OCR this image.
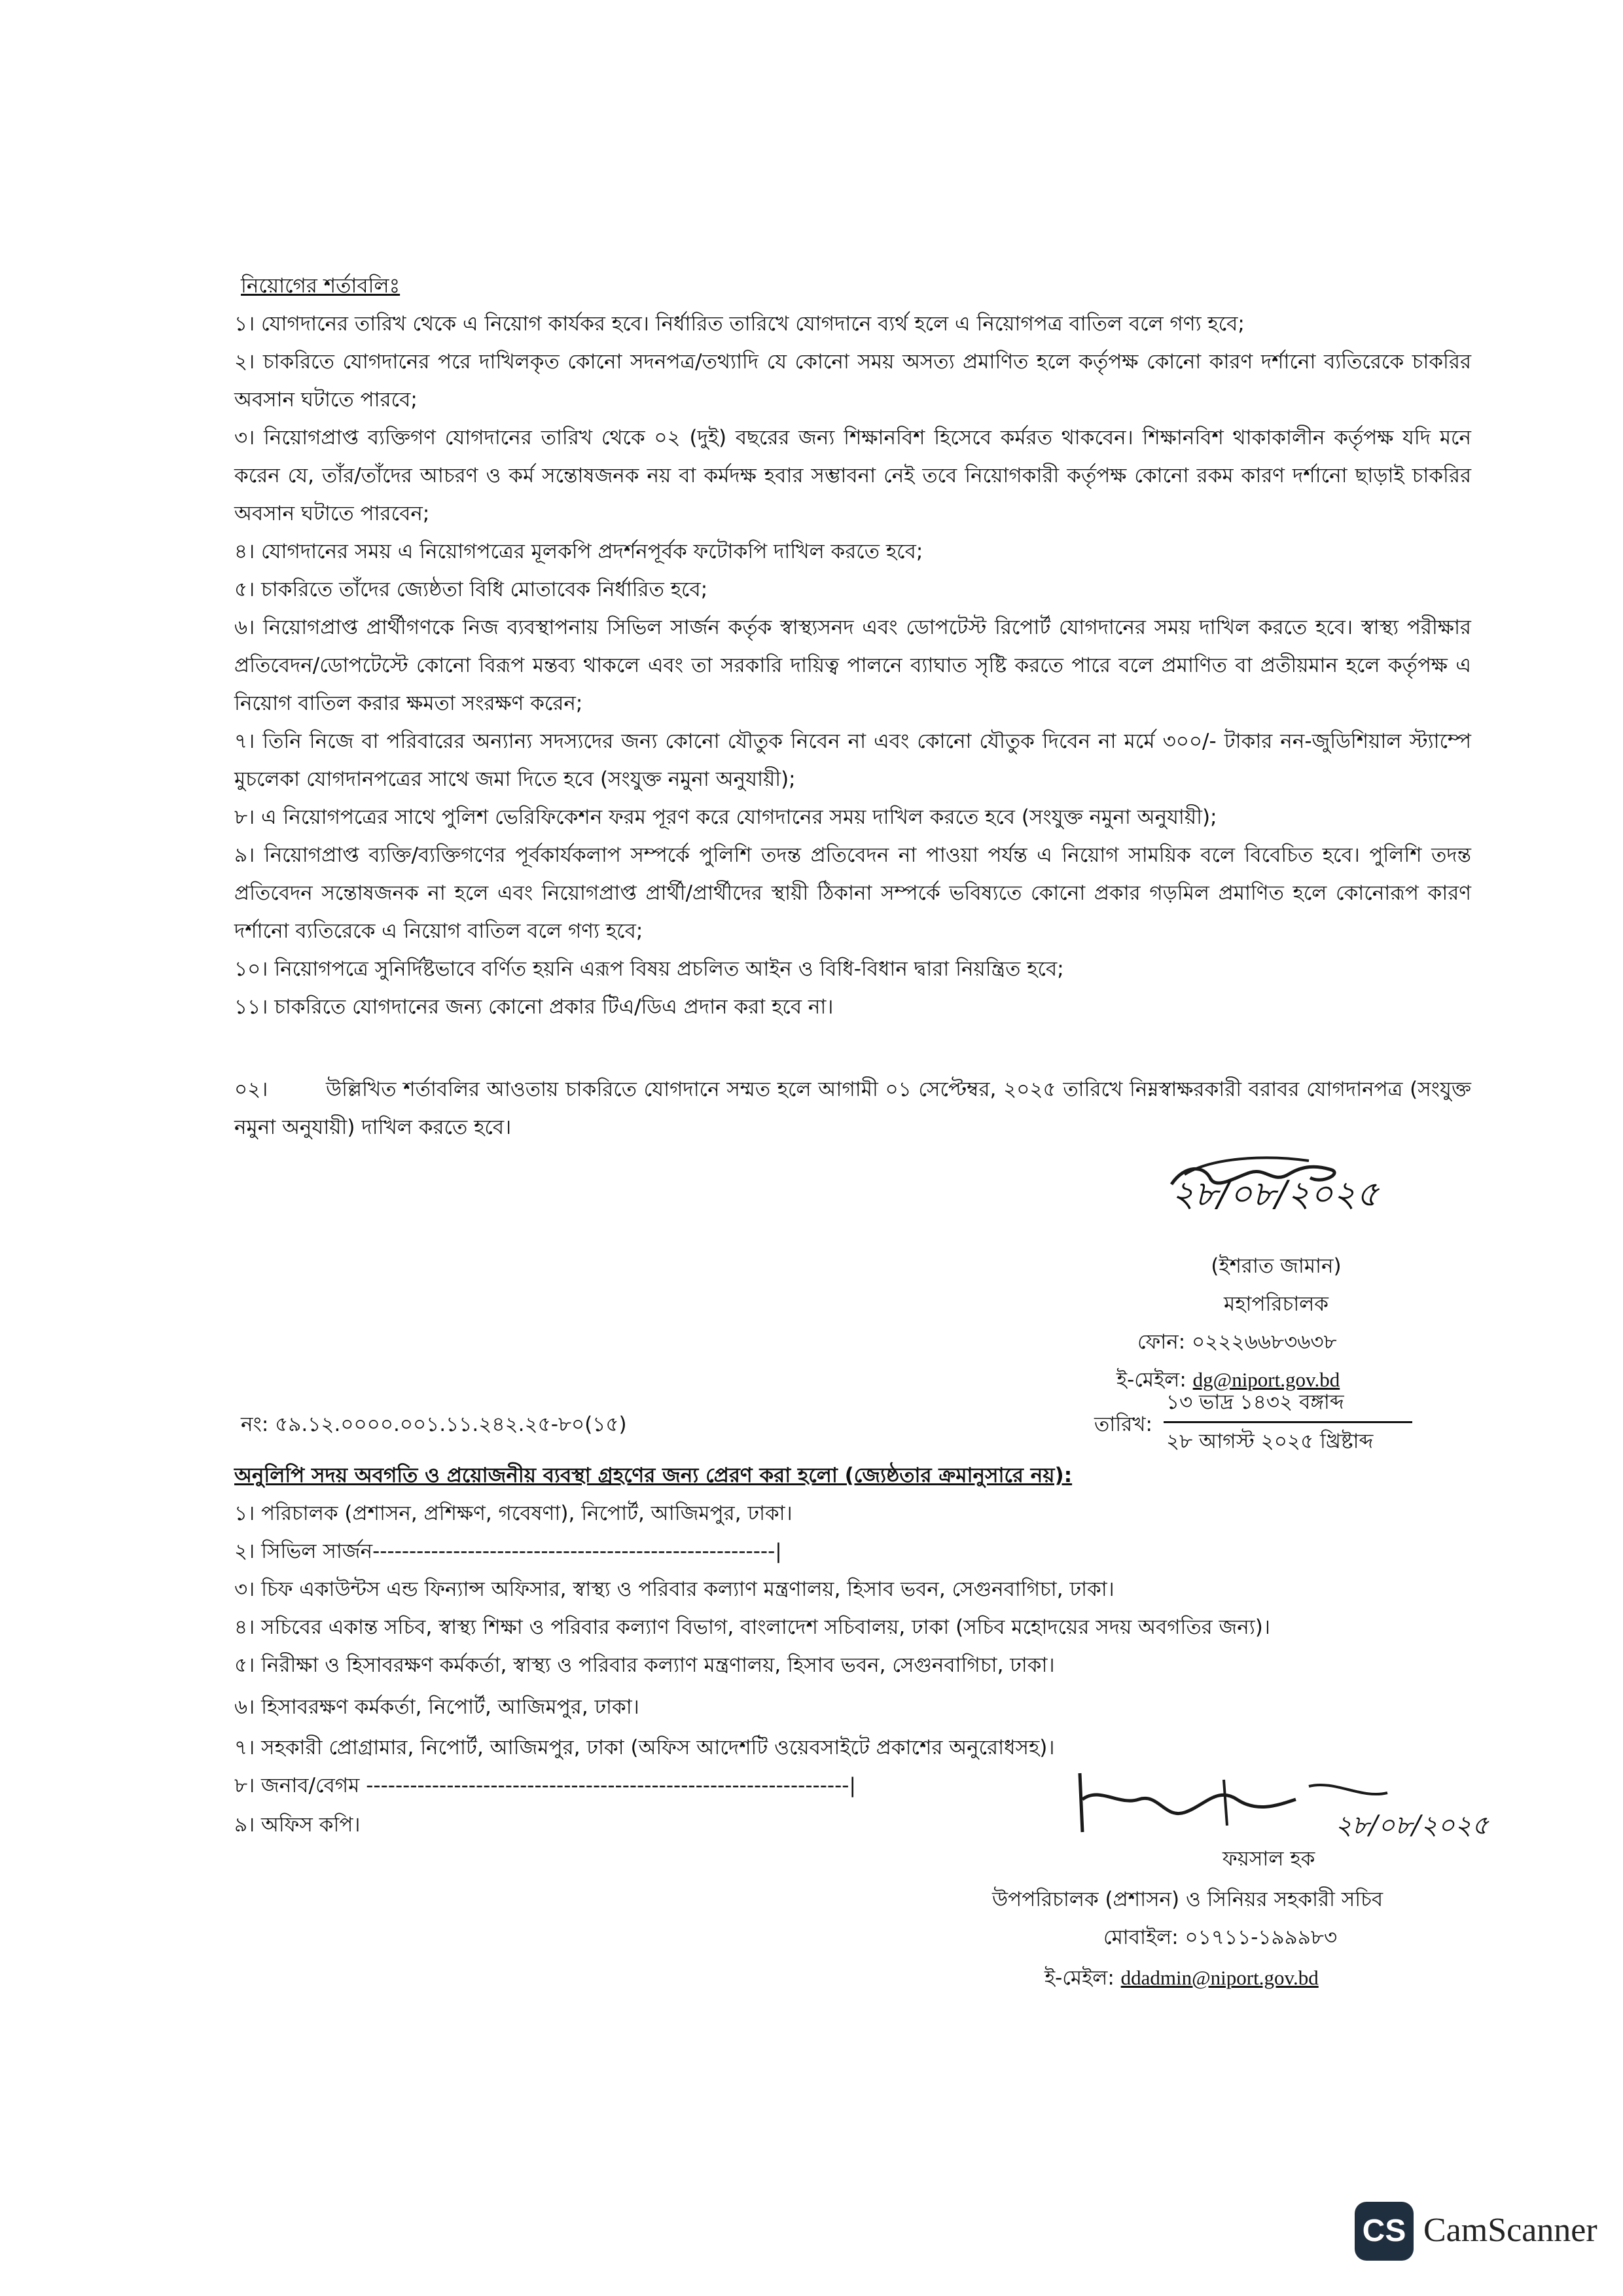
নিয়োগের শর্তাবলিঃ
১। যোগদানের তারিখ থেকে এ নিয়োগ কার্যকর হবে। নির্ধারিত তারিখে যোগদানে ব্যর্থ হলে এ নিয়োগপত্র বাতিল বলে গণ্য হবে;
২। চাকরিতে যোগদানের পরে দাখিলকৃত কোনো সদনপত্র/তথ্যাদি যে কোনো সময় অসত্য প্রমাণিত হলে কর্তৃপক্ষ কোনো কারণ দর্শানো ব্যতিরেকে চাকরির অবসান ঘটাতে পারবে;
৩। নিয়োগপ্রাপ্ত ব্যক্তিগণ যোগদানের তারিখ থেকে ০২ (দুই) বছরের জন্য শিক্ষানবিশ হিসেবে কর্মরত থাকবেন। শিক্ষানবিশ থাকাকালীন কর্তৃপক্ষ যদি মনে করেন যে, তাঁর/তাঁদের আচরণ ও কর্ম সন্তোষজনক নয় বা কর্মদক্ষ হবার সম্ভাবনা নেই তবে নিয়োগকারী কর্তৃপক্ষ কোনো রকম কারণ দর্শানো ছাড়াই চাকরির অবসান ঘটাতে পারবেন;
৪। যোগদানের সময় এ নিয়োগপত্রের মূলকপি প্রদর্শনপূর্বক ফটোকপি দাখিল করতে হবে;
৫। চাকরিতে তাঁদের জ্যেষ্ঠতা বিধি মোতাবেক নির্ধারিত হবে;
৬। নিয়োগপ্রাপ্ত প্রার্থীগণকে নিজ ব্যবস্থাপনায় সিভিল সার্জন কর্তৃক স্বাস্থ্যসনদ এবং ডোপটেস্ট রিপোর্ট যোগদানের সময় দাখিল করতে হবে। স্বাস্থ্য পরীক্ষার প্রতিবেদন/ডোপটেস্টে কোনো বিরূপ মন্তব্য থাকলে এবং তা সরকারি দায়িত্ব পালনে ব্যাঘাত সৃষ্টি করতে পারে বলে প্রমাণিত বা প্রতীয়মান হলে কর্তৃপক্ষ এ নিয়োগ বাতিল করার ক্ষমতা সংরক্ষণ করেন;
৭। তিনি নিজে বা পরিবারের অন্যান্য সদস্যদের জন্য কোনো যৌতুক নিবেন না এবং কোনো যৌতুক দিবেন না মর্মে ৩০০/- টাকার নন-জুডিশিয়াল স্ট্যাম্পে মুচলেকা যোগদানপত্রের সাথে জমা দিতে হবে (সংযুক্ত নমুনা অনুযায়ী);
৮। এ নিয়োগপত্রের সাথে পুলিশ ভেরিফিকেশন ফরম পূরণ করে যোগদানের সময় দাখিল করতে হবে (সংযুক্ত নমুনা অনুযায়ী);
৯। নিয়োগপ্রাপ্ত ব্যক্তি/ব্যক্তিগণের পূর্বকার্যকলাপ সম্পর্কে পুলিশি তদন্ত প্রতিবেদন না পাওয়া পর্যন্ত এ নিয়োগ সাময়িক বলে বিবেচিত হবে। পুলিশি তদন্ত প্রতিবেদন সন্তোষজনক না হলে এবং নিয়োগপ্রাপ্ত প্রার্থী/প্রার্থীদের স্থায়ী ঠিকানা সম্পর্কে ভবিষ্যতে কোনো প্রকার গড়মিল প্রমাণিত হলে কোনোরূপ কারণ দর্শানো ব্যতিরেকে এ নিয়োগ বাতিল বলে গণ্য হবে;
১০। নিয়োগপত্রে সুনির্দিষ্টভাবে বর্ণিত হয়নি এরূপ বিষয় প্রচলিত আইন ও বিধি-বিধান দ্বারা নিয়ন্ত্রিত হবে;
১১। চাকরিতে যোগদানের জন্য কোনো প্রকার টিএ/ডিএ প্রদান করা হবে না।
০২।	উল্লিখিত শর্তাবলির আওতায় চাকরিতে যোগদানে সম্মত হলে আগামী ০১ সেপ্টেম্বর, ২০২৫ তারিখে নিম্নস্বাক্ষরকারী বরাবর যোগদানপত্র (সংযুক্ত নমুনা অনুযায়ী) দাখিল করতে হবে।
২৮/০৮/২০২৫
(ইশরাত জামান)
মহাপরিচালক
ফোন: ০২২২৬৬৮৩৬৩৮
ই-মেইল: dg@niport.gov.bd
নং: ৫৯.১২.০০০০.০০১.১১.২৪২.২৫-৮০(১৫)	তারিখ:
১৩ ভাদ্র ১৪৩২ বঙ্গাব্দ
২৮ আগস্ট ২০২৫ খ্রিষ্টাব্দ
অনুলিপি সদয় অবগতি ও প্রয়োজনীয় ব্যবস্থা গ্রহণের জন্য প্রেরণ করা হলো (জ্যেষ্ঠতার ক্রমানুসারে নয়):
১। পরিচালক (প্রশাসন, প্রশিক্ষণ, গবেষণা), নিপোর্ট, আজিমপুর, ঢাকা।
২। সিভিল সার্জন-------------------------------------------------------|
৩। চিফ একাউন্টস এন্ড ফিন্যান্স অফিসার, স্বাস্থ্য ও পরিবার কল্যাণ মন্ত্রণালয়, হিসাব ভবন, সেগুনবাগিচা, ঢাকা।
৪। সচিবের একান্ত সচিব, স্বাস্থ্য শিক্ষা ও পরিবার কল্যাণ বিভাগ, বাংলাদেশ সচিবালয়, ঢাকা (সচিব মহোদয়ের সদয় অবগতির জন্য)।
৫। নিরীক্ষা ও হিসাবরক্ষণ কর্মকর্তা, স্বাস্থ্য ও পরিবার কল্যাণ মন্ত্রণালয়, হিসাব ভবন, সেগুনবাগিচা, ঢাকা।
৬। হিসাবরক্ষণ কর্মকর্তা, নিপোর্ট, আজিমপুর, ঢাকা।
৭। সহকারী প্রোগ্রামার, নিপোর্ট, আজিমপুর, ঢাকা (অফিস আদেশটি ওয়েবসাইটে প্রকাশের অনুরোধসহ)।
৮। জনাব/বেগম ------------------------------------------------------------------|
৯। অফিস কপি।	২৮/০৮/২০২৫
ফয়সাল হক
উপপরিচালক (প্রশাসন) ও সিনিয়র সহকারী সচিব
মোবাইল: ০১৭১১-১৯৯৯৮৩
ই-মেইল: ddadmin@niport.gov.bd
CS CamScanner
